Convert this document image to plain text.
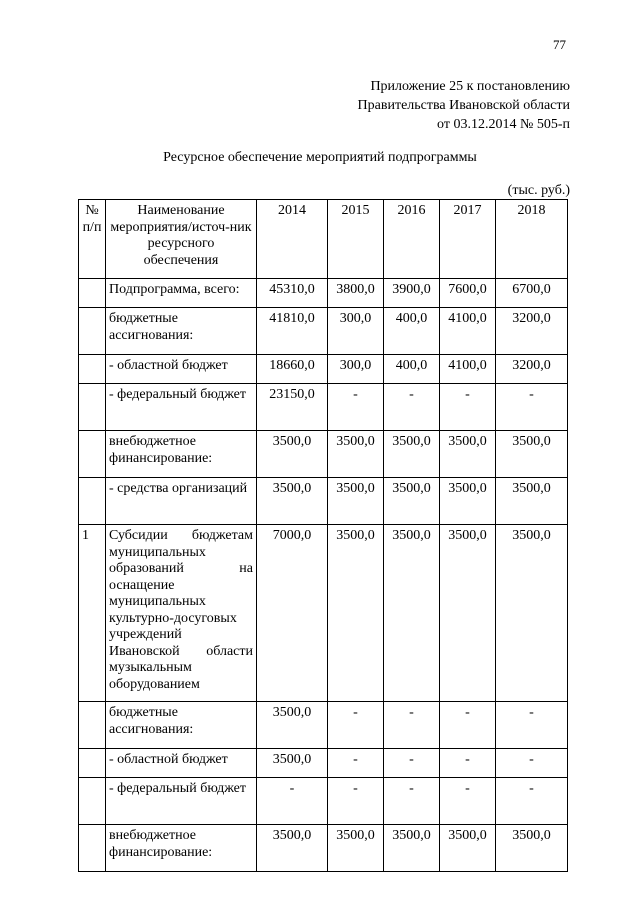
77
Приложение 25 к постановлению
Правительства Ивановской области
от 03.12.2014 № 505-п
Ресурсное обеспечение мероприятий подпрограммы
(тыс. руб.)
№ п/п	Наименование мероприятия/источ-ник ресурсного обеспечения	2014	2015	2016	2017	2018
	Подпрограмма, всего:	45310,0	3800,0	3900,0	7600,0	6700,0
	бюджетные ассигнования:	41810,0	300,0	400,0	4100,0	3200,0
	- областной бюджет	18660,0	300,0	400,0	4100,0	3200,0
	- федеральный бюджет	23150,0	-	-	-	-
	внебюджетное финансирование:	3500,0	3500,0	3500,0	3500,0	3500,0
	- средства организаций	3500,0	3500,0	3500,0	3500,0	3500,0
1	Субсидии бюджетам муниципальных образований на оснащение муниципальных культурно-досуговых учреждений Ивановской области музыкальным оборудованием	7000,0	3500,0	3500,0	3500,0	3500,0
	бюджетные ассигнования:	3500,0	-	-	-	-
	- областной бюджет	3500,0	-	-	-	-
	- федеральный бюджет	-	-	-	-	-
	внебюджетное финансирование:	3500,0	3500,0	3500,0	3500,0	3500,0
